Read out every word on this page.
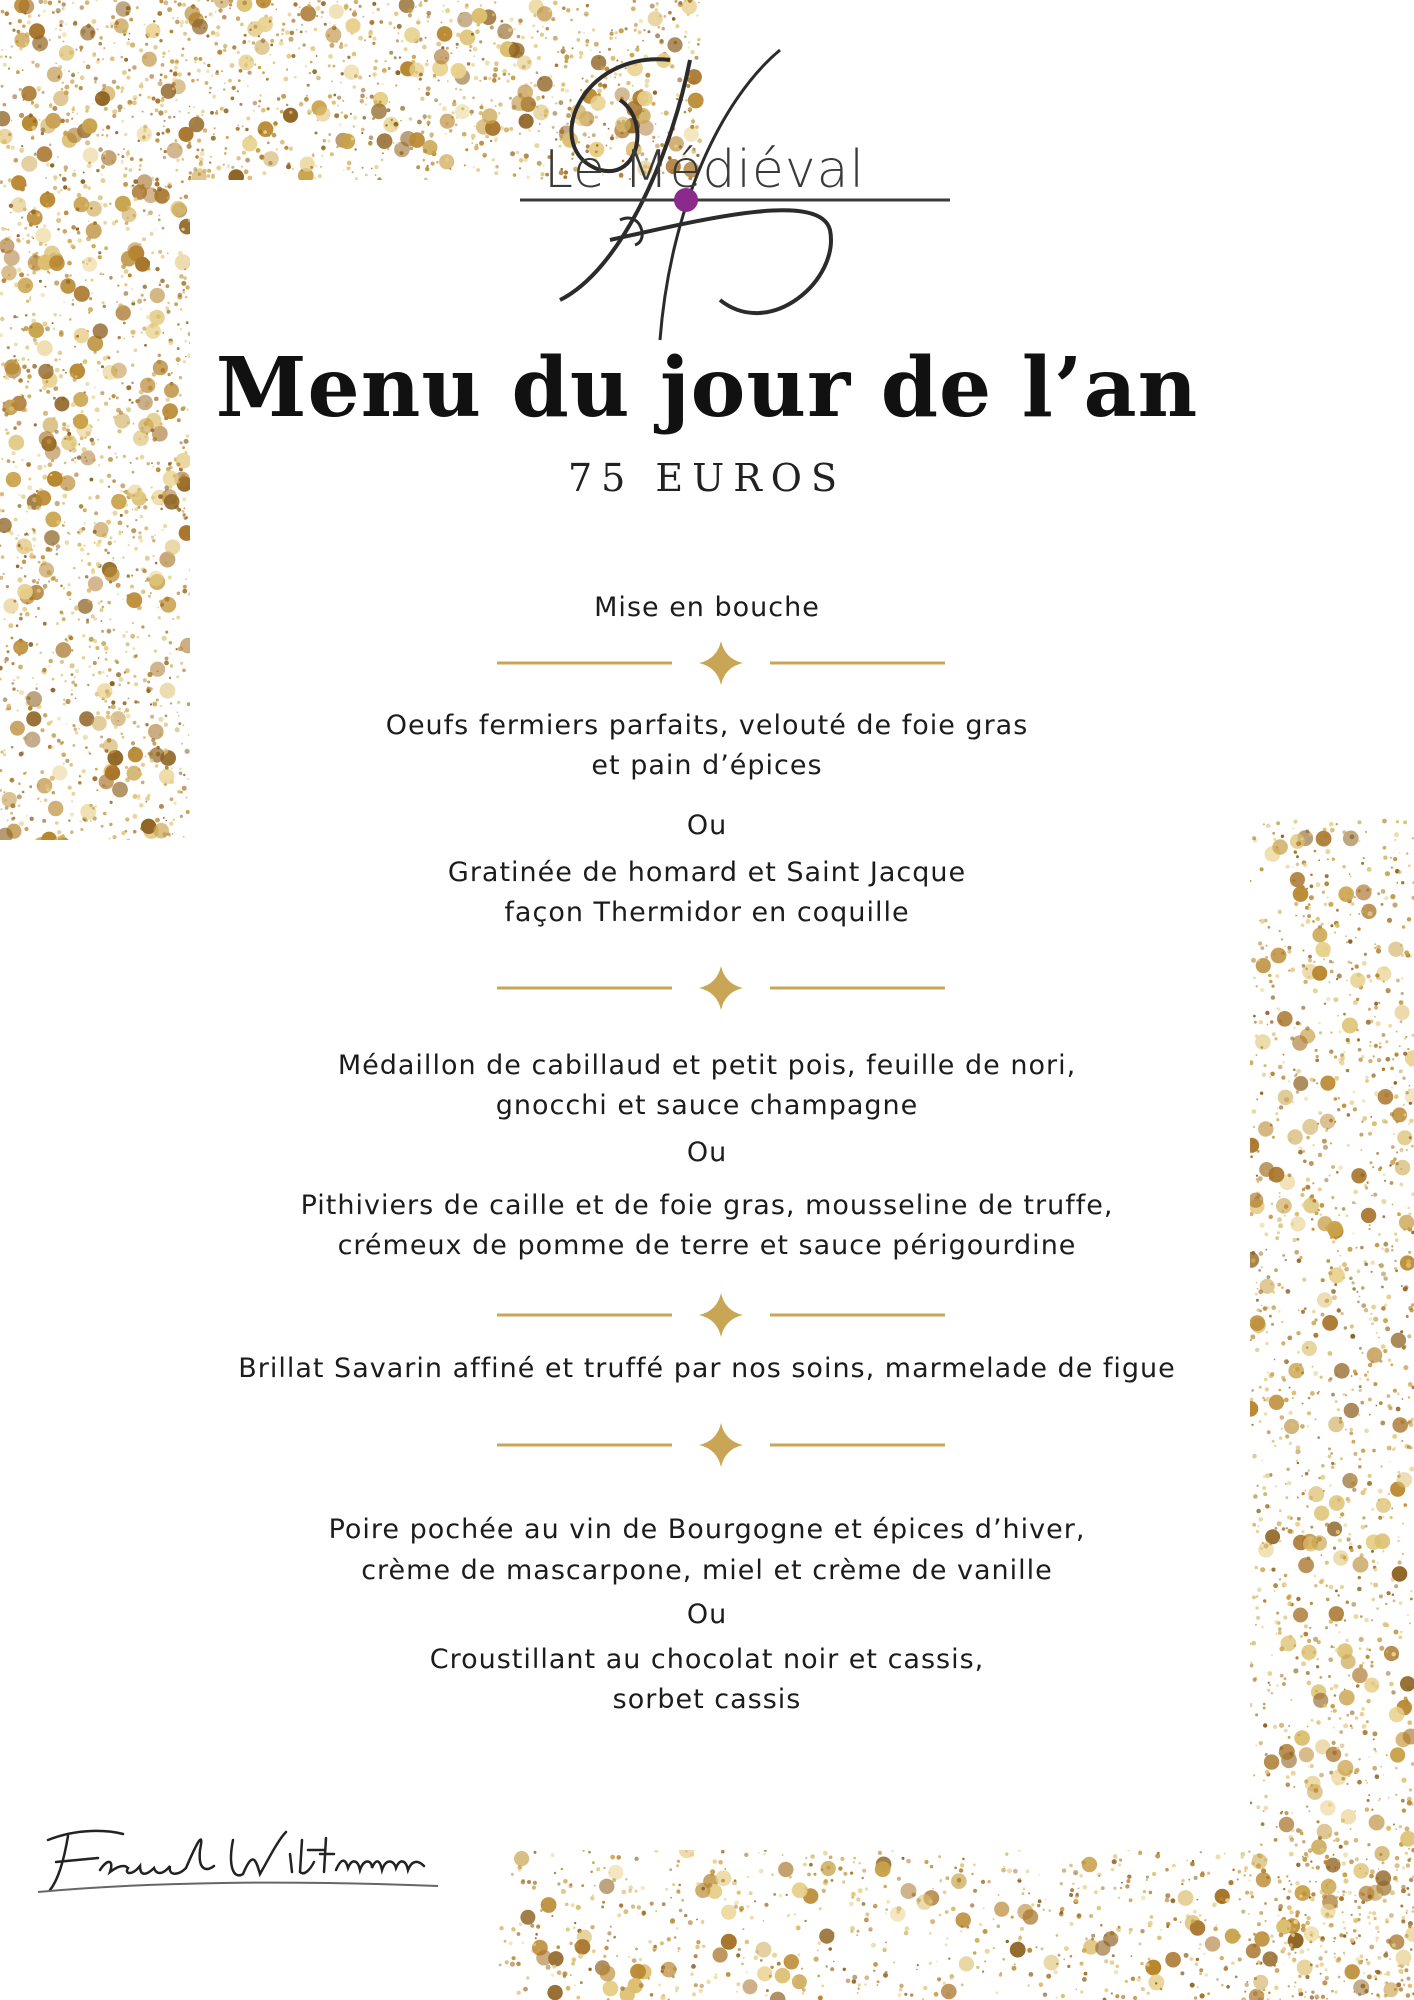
Le Médiéval
Menu du jour de l’an
75 EUROS
Mise en bouche
Oeufs fermiers parfaits, velouté de foie gras
et pain d’épices
Ou
Gratinée de homard et Saint Jacque
façon Thermidor en coquille
Médaillon de cabillaud et petit pois, feuille de nori,
gnocchi et sauce champagne
Ou
Pithiviers de caille et de foie gras, mousseline de truffe,
crémeux de pomme de terre et sauce périgourdine
Brillat Savarin affiné et truffé par nos soins, marmelade de figue
Poire pochée au vin de Bourgogne et épices d’hiver,
crème de mascarpone, miel et crème de vanille
Ou
Croustillant au chocolat noir et cassis,
sorbet cassis
